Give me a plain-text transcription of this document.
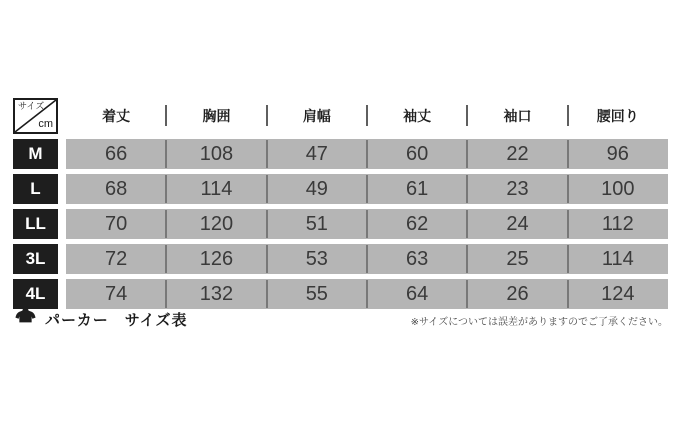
サイズ
cm	着丈	胸囲	肩幅	袖丈	袖口	腰回り
M	66	108	47	60	22	96
L	68	114	49	61	23	100
LL	70	120	51	62	24	112
3L	72	126	53	63	25	114
4L	74	132	55	64	26	124
パーカー　サイズ表	※サイズについては誤差がありますのでご了承ください。
